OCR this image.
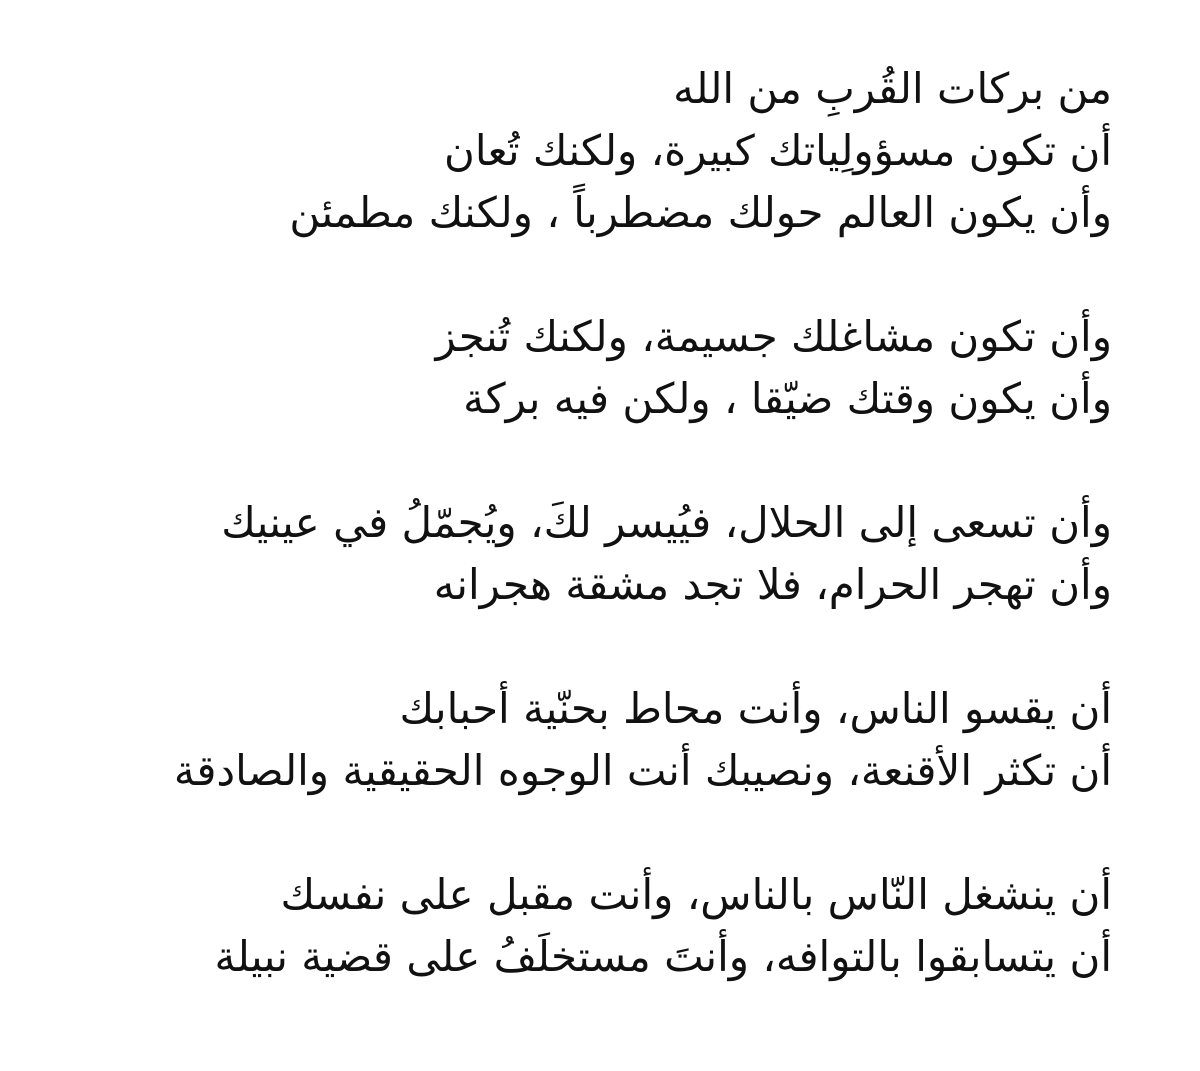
من بركات القُربِ من الله
أن تكون مسؤولِياتك كبيرة، ولكنك تُعان
وأن يكون العالم حولك مضطرباً ، ولكنك مطمئن
وأن تكون مشاغلك جسيمة، ولكنك تُنجز
وأن يكون وقتك ضيّقا ، ولكن فيه بركة
وأن تسعى إلى الحلال، فيُيسر لكَ، ويُجمّلُ في عينيك
وأن تهجر الحرام، فلا تجد مشقة هجرانه
أن يقسو الناس، وأنت محاط بحنّية أحبابك
أن تكثر الأقنعة، ونصيبك أنت الوجوه الحقيقية والصادقة
أن ينشغل النّاس بالناس، وأنت مقبل على نفسك
أن يتسابقوا بالتوافه، وأنتَ مستخلَفُ على قضية نبيلة
